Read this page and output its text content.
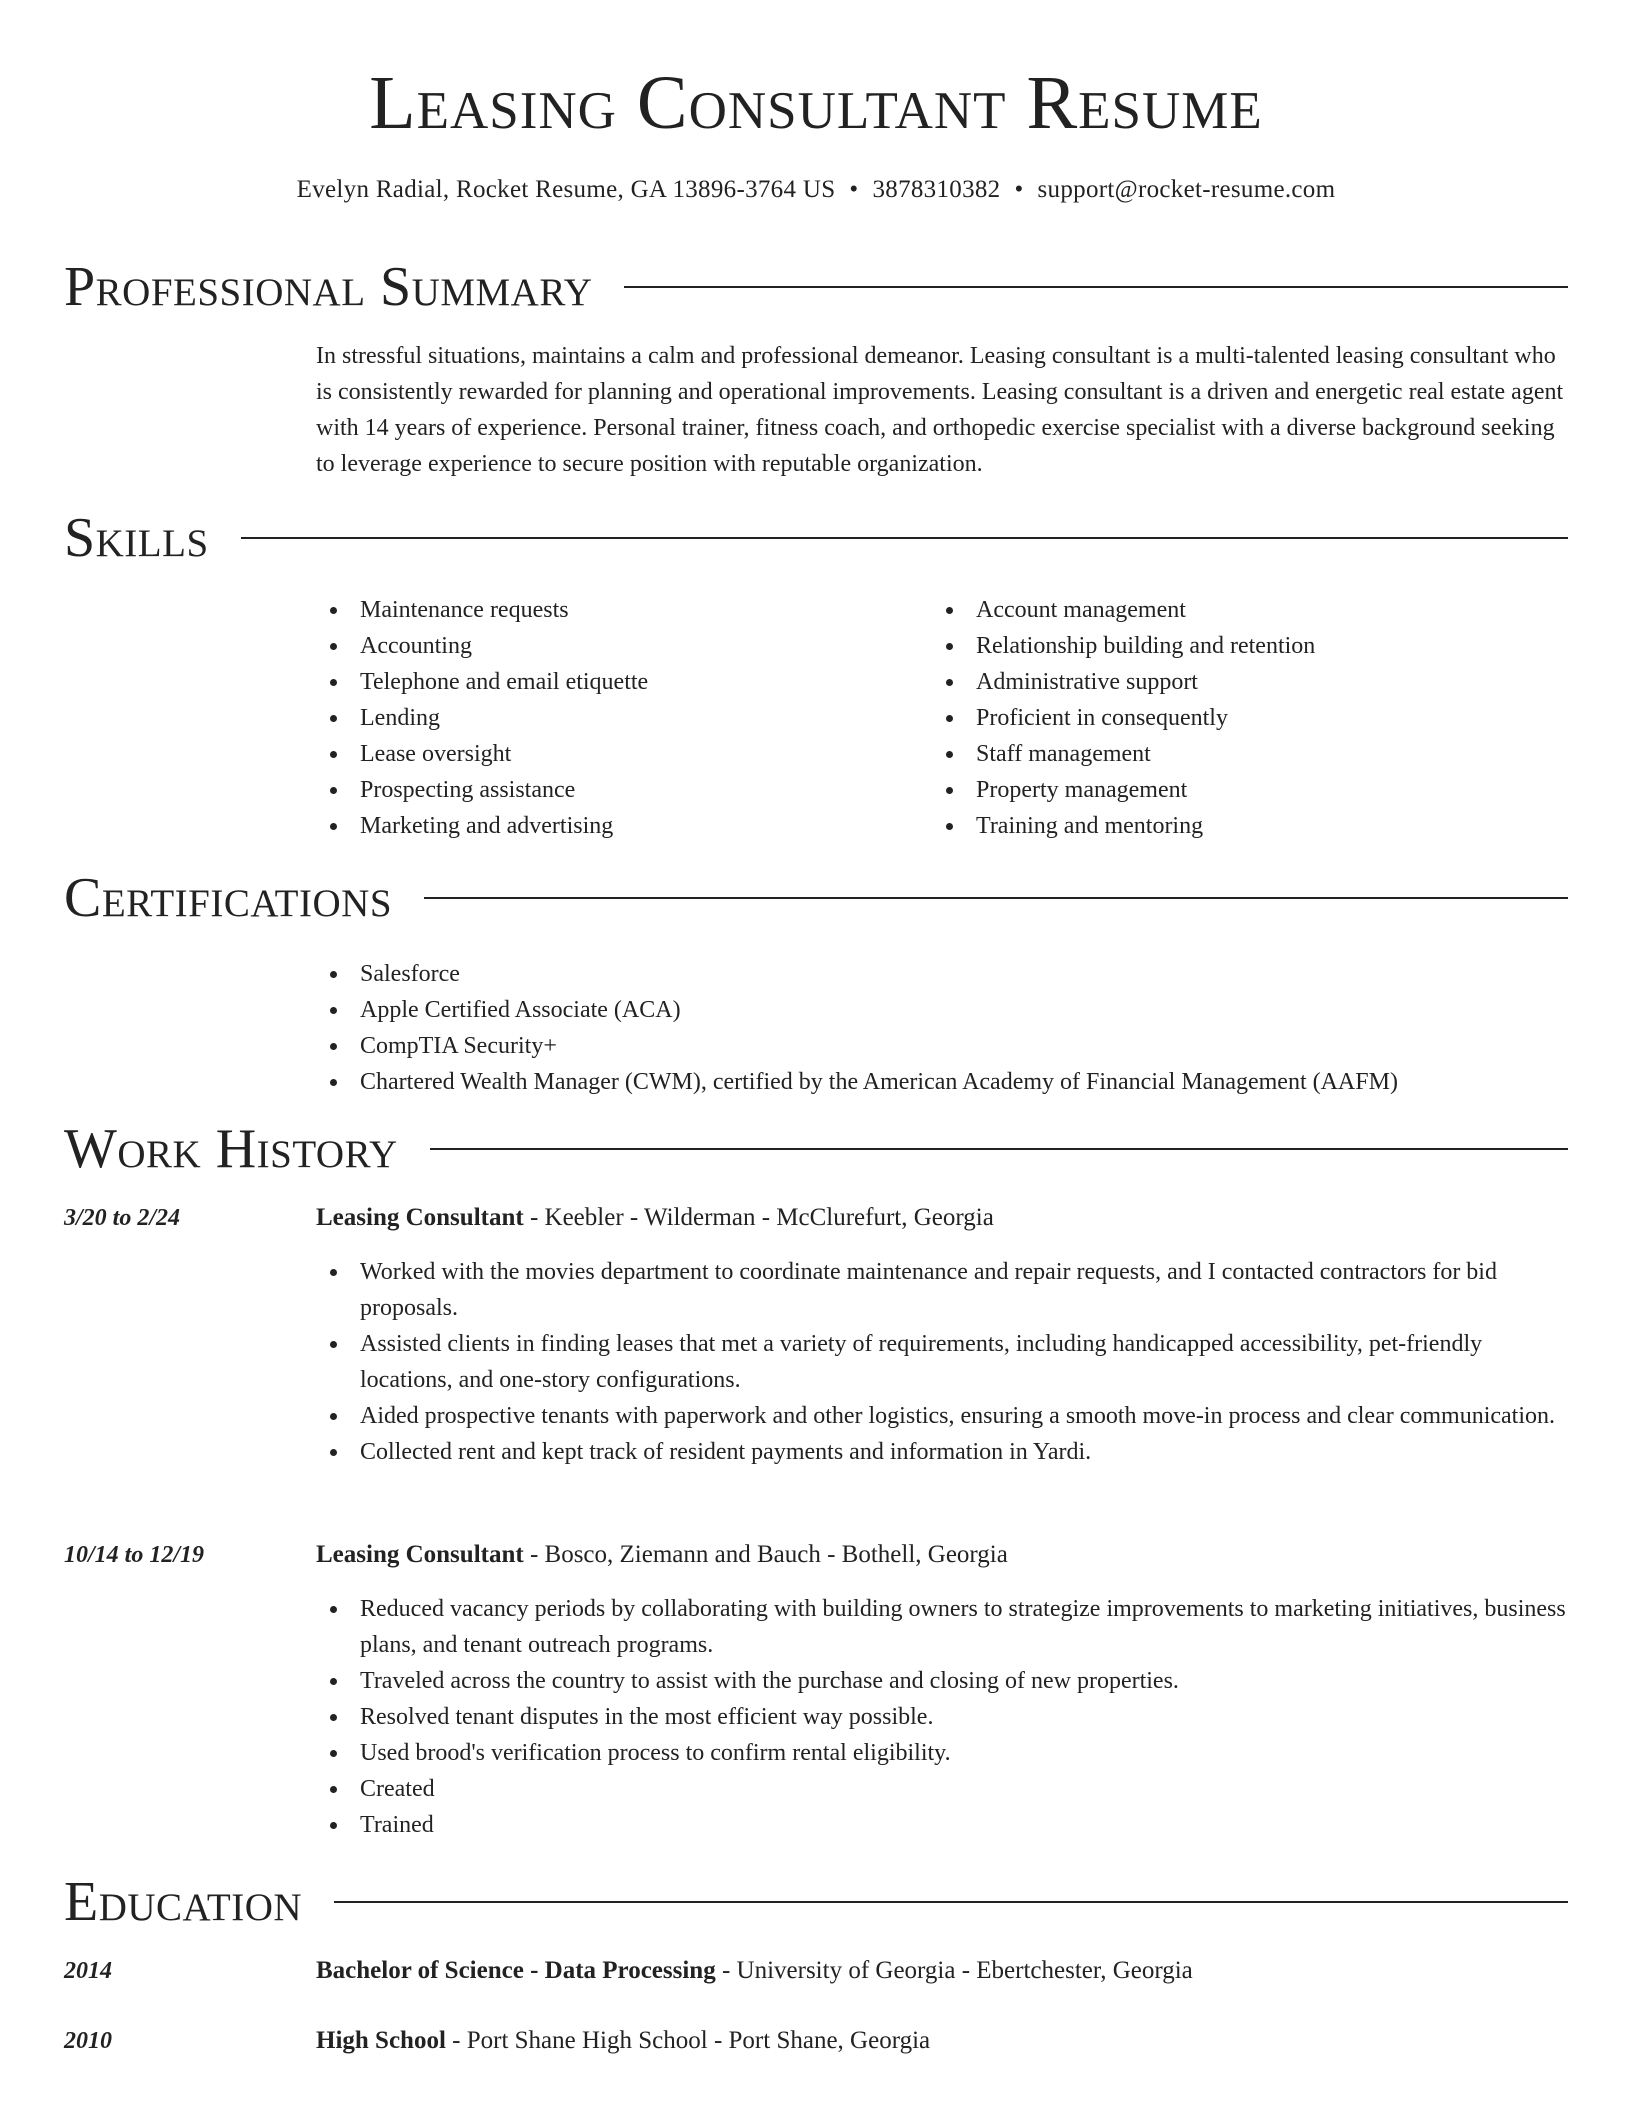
Leasing Consultant Resume
Evelyn Radial, Rocket Resume, GA 13896-3764 US • 3878310382 • support@rocket-resume.com
Professional Summary
In stressful situations, maintains a calm and professional demeanor. Leasing consultant is a multi-talented leasing consultant who is consistently rewarded for planning and operational improvements. Leasing consultant is a driven and energetic real estate agent with 14 years of experience. Personal trainer, fitness coach, and orthopedic exercise specialist with a diverse background seeking to leverage experience to secure position with reputable organization.
Skills
Maintenance requests
Accounting
Telephone and email etiquette
Lending
Lease oversight
Prospecting assistance
Marketing and advertising
Account management
Relationship building and retention
Administrative support
Proficient in consequently
Staff management
Property management
Training and mentoring
Certifications
Salesforce
Apple Certified Associate (ACA)
CompTIA Security+
Chartered Wealth Manager (CWM), certified by the American Academy of Financial Management (AAFM)
Work History
3/20 to 2/24	Leasing Consultant - Keebler - Wilderman - McClurefurt, Georgia
Worked with the movies department to coordinate maintenance and repair requests, and I contacted contractors for bid proposals.
Assisted clients in finding leases that met a variety of requirements, including handicapped accessibility, pet-friendly locations, and one-story configurations.
Aided prospective tenants with paperwork and other logistics, ensuring a smooth move-in process and clear communication.
Collected rent and kept track of resident payments and information in Yardi.
10/14 to 12/19	Leasing Consultant - Bosco, Ziemann and Bauch - Bothell, Georgia
Reduced vacancy periods by collaborating with building owners to strategize improvements to marketing initiatives, business plans, and tenant outreach programs.
Traveled across the country to assist with the purchase and closing of new properties.
Resolved tenant disputes in the most efficient way possible.
Used brood's verification process to confirm rental eligibility.
Created
Trained
Education
2014	Bachelor of Science - Data Processing - University of Georgia - Ebertchester, Georgia
2010	High School - Port Shane High School - Port Shane, Georgia
